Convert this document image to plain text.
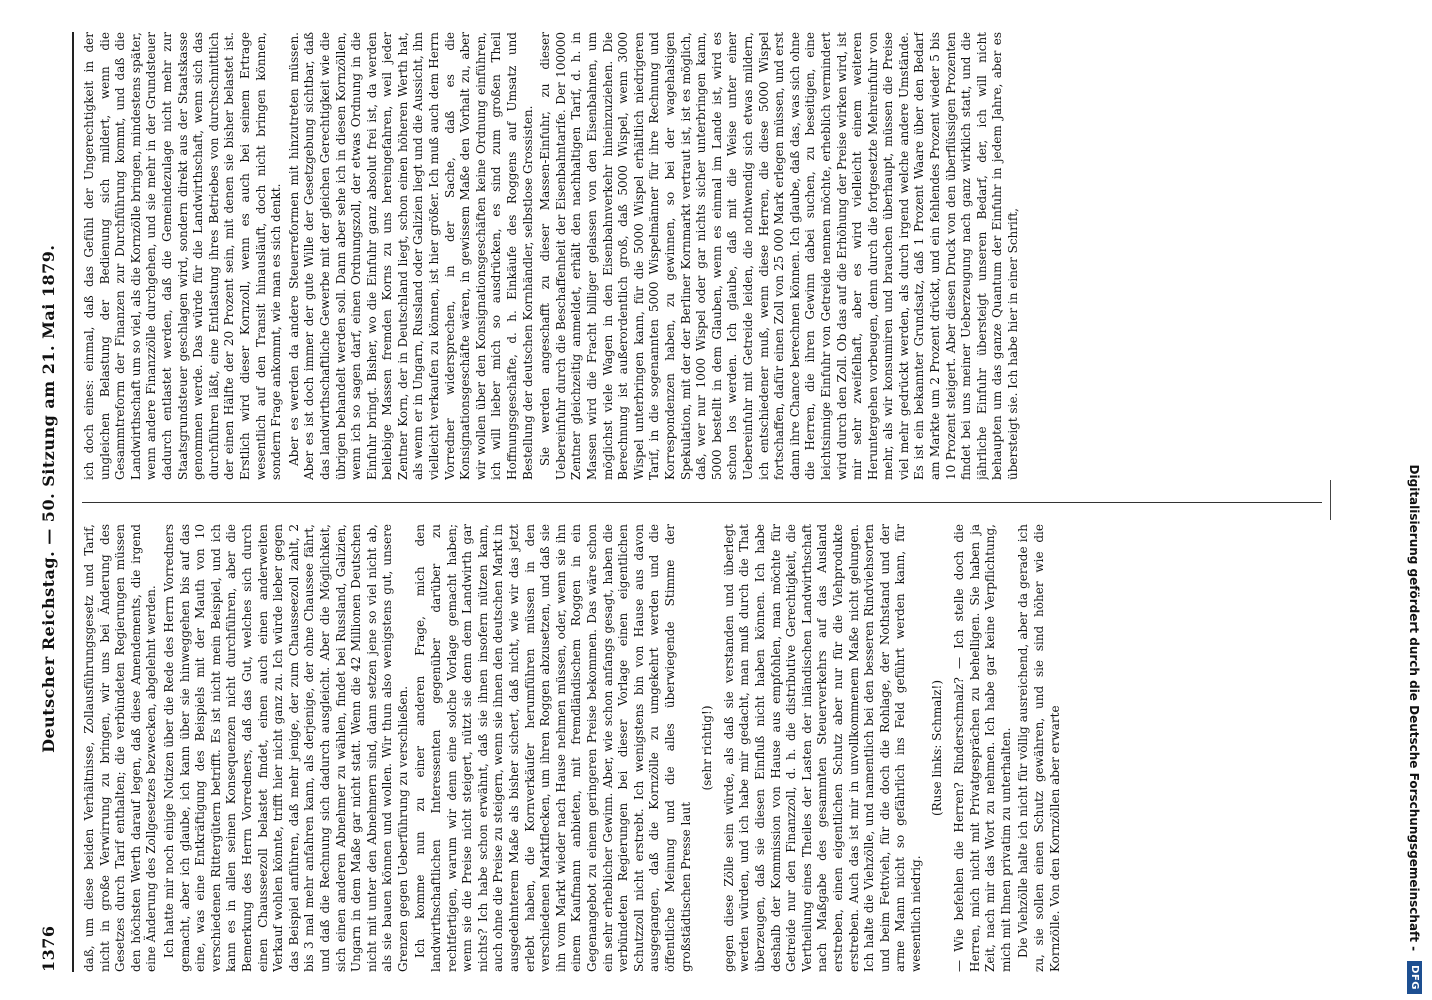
1376
Deutscher Reichstag. — 50. Sitzung am 21. Mai 1879. daß, um diese beiden Verhältnisse, Zollausführungsgesetz und Tarif, nicht in große Verwirrung zu bringen, wir uns bei Änderung des Gesetzes durch Tarif enthalten; die verbündeten Regierungen müssen den höchsten Werth darauf legen, daß diese Amendements, die irgend eine Änderung des Zollgesetzes bezwecken, abgelehnt werden. Ich hatte mir noch einige Notizen über die Rede des Herrn Vorredners gemacht, aber ich glaube, ich kann über sie hinweggehen bis auf das eine, was eine Entkräftigung des Beispiels mit der Mauth von 10 verschiedenen Rittergütern betrifft. Es ist nicht mein Beispiel, und ich kann es in allen seinen Konsequenzen nicht durchführen, aber die Bemerkung des Herrn Vorredners, daß das Gut, welches sich durch einen Chausseezoll belastet findet, einen auch einen anderweiten Verkauf wohlen könnte, trifft hier nicht ganz zu. Ich würde lieber gegen das Beispiel anführen, daß mehr jenige, der zum Chausseezoll zahlt, 2 bis 3 mal mehr anfahren kann, als derjenige, der ohne Chaussee fährt, und daß die Rechnung sich dadurch ausgleicht. Aber die Möglichkeit, sich einen anderen Abnehmer zu wählen, findet bei Russland, Galizien, Ungarn in dem Maße gar nicht statt. Wenn die 42 Millionen Deutschen nicht mit unter den Abnehmern sind, dann setzen jene so viel nicht ab, als sie bauen können und wollen. Wir thun also wenigstens gut, unsere Grenzen gegen Ueberführung zu verschließen. Ich komme nun zu einer anderen Frage, mich den landwirthschaftlichen Interessenten gegenüber darüber zu rechtfertigen, warum wir denn eine solche Vorlage gemacht haben; wenn sie die Preise nicht steigert, nützt sie denn dem Landwirth gar nichts? Ich habe schon erwähnt, daß sie ihnen insofern nützen kann, auch ohne die Preise zu steigern, wenn sie ihnen den deutschen Markt in ausgedehnterem Maße als bisher sichert, daß nicht, wie wir das jetzt erlebt haben, die Kornverkäufer herumführen müssen in den verschiedenen Marktflecken, um ihren Roggen abzusetzen, und daß sie ihn vom Markt wieder nach Hause nehmen müssen, oder, wenn sie ihn einem Kaufmann anbieten, mit fremdländischem Roggen in ein Gegenangebot zu einem geringeren Preise bekommen. Das wäre schon ein sehr erheblicher Gewinn. Aber, wie schon anfangs gesagt, haben die verbündeten Regierungen bei dieser Vorlage einen eigentlichen Schutzzoll nicht erstrebt. Ich wenigstens bin von Hause aus davon ausgegangen, daß die Kornzölle zu umgekehrt werden und die öffentliche Meinung und die alles überwiegende Stimme der großstädtischen Presse laut

(sehr richtig!) gegen diese Zölle sein würde, als daß sie verstanden und überlegt werden würden, und ich habe mir gedacht, man muß durch die That überzeugen, daß sie diesen Einfluß nicht haben können. Ich habe deshalb der Kommission von Hause aus empfohlen, man möchte für Getreide nur den Finanzzoll, d. h. die distributive Gerechtigkeit, die Vertheilung eines Theiles der Lasten der inländischen Landwirthschaft nach Maßgabe des gesammten Steuerverkehrs auf das Ausland erstreben, einen eigentlichen Schutz aber nur für die Viehprodukte erstreben. Auch das ist mir in unvollkommenem Maße nicht gelungen. Ich halte die Viehzölle, und namentlich bei den besseren Rindviehsorten und beim Fettvieh, für die doch die Rohlage, der Nothstand und der arme Mann nicht so gefährlich ins Feld geführt werden kann, für wesentlich niedrig.

(Ruse links: Schmalz!) — Wie befehlen die Herren? Rinderschmalz? — Ich stelle doch die Herren, mich nicht mit Privatgesprächen zu behelligen. Sie haben ja Zeit, nach mir das Wort zu nehmen. Ich habe gar keine Verpflichtung, mich mit Ihnen privatim zu unterhalten. Die Viehzölle halte ich nicht für völlig ausreichend, aber da gerade ich zu, sie sollen einen Schutz gewähren, und sie sind höher wie die Kornzölle. Von den Kornzöllen aber erwarte

ich doch eines: einmal, daß das Gefühl der Ungerechtigkeit in der ungleichen Belastung der Bedienung sich mildert, wenn die Gesammtreform der Finanzen zur Durchführung kommt, und daß die Landwirthschaft um so viel, als die Kornzölle bringen, mindestens später, wenn andere Finanzzölle durchgehen, und sie mehr in der Grundsteuer dadurch entlastet werden, daß die Gemeindezulage nicht mehr zur Staatsgrundsteuer geschlagen wird, sondern direkt aus der Staatskasse genommen werde. Das würde für die Landwirthschaft, wenn sich das durchführen läßt, eine Entlastung ihres Betriebes von durchschnittlich der einen Hälfte der 20 Prozent sein, mit denen sie bisher belastet ist. Erstlich wird dieser Kornzoll, wenn es auch bei seinem Ertrage wesentlich auf den Transit hinausläuft, doch nicht bringen können, sondern Frage ankommt, wie man es sich denkt. Aber es werden da andere Steuerreformen mit hinzutreten müssen. Aber es ist doch immer der gute Wille der Gesetzgebung sichtbar, daß das landwirthschaftliche Gewerbe mit der gleichen Gerechtigkeit wie die übrigen behandelt werden soll. Dann aber sehe ich in diesen Kornzöllen, wenn ich so sagen darf, einen Ordnungszoll, der etwas Ordnung in die Einfuhr bringt. Bisher, wo die Einfuhr ganz absolut frei ist, da werden beliebige Massen fremden Korns zu uns hereingefahren, weil jeder Zentner Korn, der in Deutschland liegt, schon einen höheren Werth hat, als wenn er in Ungarn, Russland oder Galizien liegt und die Aussicht, ihn vielleicht verkaufen zu können, ist hier größer. Ich muß auch dem Herrn Vorredner widersprechen, in der Sache, daß es die Konsignationsgeschäfte wären, in gewissem Maße den Vorhalt zu, aber wir wollen über den Konsignationsgeschäften keine Ordnung einführen, ich will lieber mich so ausdrücken, es sind zum großen Theil Hoffnungsgeschäfte, d. h. Einkäufe des Roggens auf Umsatz und Bestellung der deutschen Kornhändler, selbstlose Grossisten. Sie werden angeschafft zu dieser Massen-Einfuhr, zu dieser Uebereinfuhr durch die Beschaffenheit der Eisenbahntarife. Der 100000 Zentner gleichzeitig anmeldet, erhält den nachhaltigen Tarif, d. h. in Massen wird die Fracht billiger gelassen von den Eisenbahnen, um möglichst viele Wagen in den Eisenbahnverkehr hineinzuziehen. Die Berechnung ist außerordentlich groß, daß 5000 Wispel, wenn 3000 Wispel unterbringen kann, für die 5000 Wispel erhältlich niedrigeren Tarif, in die sogenannten 5000 Wispelmänner für ihre Rechnung und Korrespondenzen haben, zu gewinnen, so bei der wagehalsigen Spekulation, mit der der Berliner Kornmarkt vertraut ist, ist es möglich, daß, wer nur 1000 Wispel oder gar nichts sicher unterbringen kann, 5000 bestellt in dem Glauben, wenn es einmal im Lande ist, wird es schon los werden. Ich glaube, daß mit die Weise unter einer Uebereinfuhr mit Getreide leiden, die nothwendig sich etwas mildern, ich entschiedener muß, wenn diese Herren, die diese 5000 Wispel fortschaffen, dafür einen Zoll von 25 000 Mark erlegen müssen, und erst dann ihre Chance berechnen können. Ich glaube, daß das, was sich ohne die Herren, die ihren Gewinn dabei suchen, zu beseitigen, eine leichtsinnige Einfuhr von Getreide nennen möchte, erheblich vermindert wird durch den Zoll. Ob das auf die Erhöhung der Preise wirken wird, ist mir sehr zweifelhaft, aber es wird vielleicht einem weiteren Heruntergehen vorbeugen, denn durch die fortgesetzte Mehreinfuhr von mehr, als wir konsumiren und brauchen überhaupt, müssen die Preise viel mehr gedrückt werden, als durch irgend welche andere Umstände. Es ist ein bekannter Grundsatz, daß 1 Prozent Waare über den Bedarf am Markte um 2 Prozent drückt, und ein fehlendes Prozent wieder 5 bis 10 Prozent steigert. Aber diesen Druck von den überflüssigen Prozenten findet bei uns meiner Ueberzeugung nach ganz wirklich statt, und die jährliche Einfuhr übersteigt unseren Bedarf, der, ich will nicht behaupten um das ganze Quantum der Einfuhr in jedem Jahre, aber es übersteigt sie. Ich habe hier in einer Schrift,

Digitalisierung gefördert durch die Deutsche Forschungsgemeinschaft -
DFG
